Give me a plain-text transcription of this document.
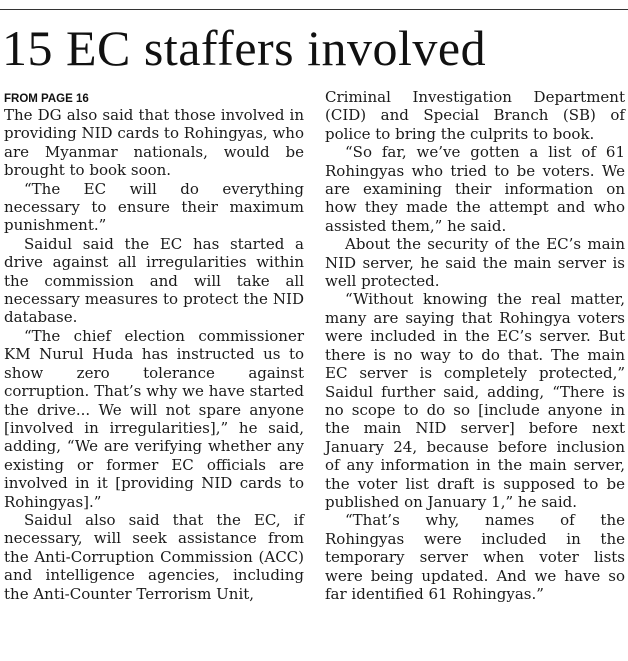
15 EC staffers involved
FROM PAGE 16

The DG also said that those involved in providing NID cards to Rohingyas, who are Myanmar nationals, would be brought to book soon.

“The EC will do everything necessary to ensure their maximum punishment.”

Saidul said the EC has started a drive against all irregularities within the commission and will take all necessary measures to protect the NID database.

“The chief election commissioner KM Nurul Huda has instructed us to show zero tolerance against corruption. That’s why we have started the drive... We will not spare anyone [involved in irregularities],” he said, adding, “We are verifying whether any existing or former EC officials are involved in it [providing NID cards to Rohingyas].”

Saidul also said that the EC, if necessary, will seek assistance from the Anti-Corruption Commission (ACC) and intelligence agencies, including the Anti-Counter Terrorism Unit,

Criminal Investigation Department (CID) and Special Branch (SB) of police to bring the culprits to book.

“So far, we’ve gotten a list of 61 Rohingyas who tried to be voters. We are examining their information on how they made the attempt and who assisted them,” he said.

About the security of the EC’s main NID server, he said the main server is well protected.

“Without knowing the real matter, many are saying that Rohingya voters were included in the EC’s server. But there is no way to do that. The main EC server is completely protected,” Saidul further said, adding, “There is no scope to do so [include anyone in the main NID server] before next January 24, because before inclusion of any information in the main server, the voter list draft is supposed to be published on January 1,” he said.

“That’s why, names of the Rohingyas were included in the temporary server when voter lists were being updated. And we have so far identified 61 Rohingyas.”
